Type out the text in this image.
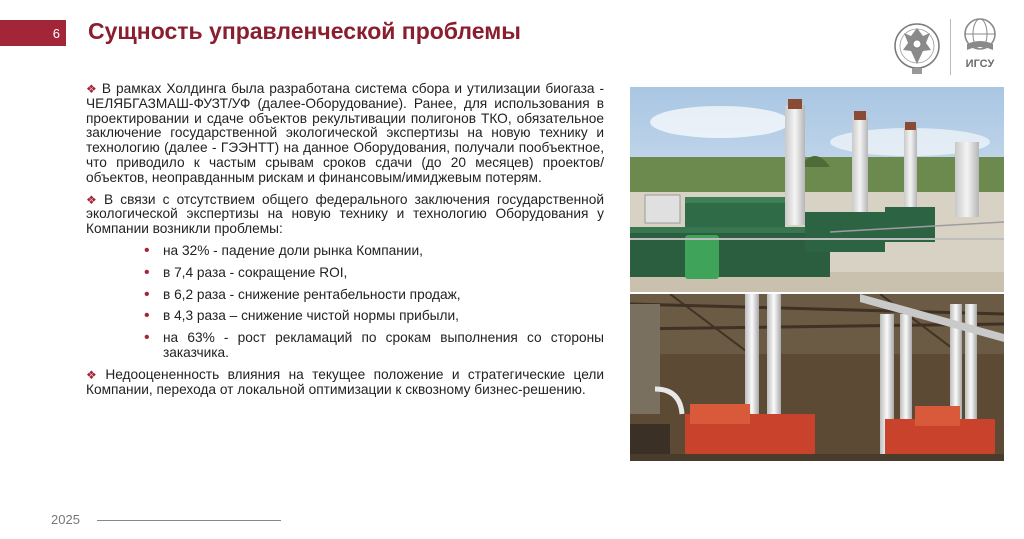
6 Сущность управленческой проблемы
ИГСУ

❖ В рамках Холдинга была разработана система сбора и утилизации биогаза - ЧЕЛЯБГАЗМАШ-ФУЗТ/УФ (далее-Оборудование). Ранее, для использования в проектировании и сдаче объектов рекультивации полигонов ТКО, обязательное заключение государственной экологической экспертизы на новую технику и технологию (далее - ГЭЭНТТ) на данное Оборудования, получали пообъектное, что приводило к частым срывам сроков сдачи (до 20 месяцев) проектов/объектов, неоправданным рискам и финансовым/имиджевым потерям.

❖ В связи с отсутствием общего федерального заключения государственной экологической экспертизы на новую технику и технологию Оборудования у Компании возникли проблемы:

• на 32% - падение доли рынка Компании,
• в 7,4 раза - сокращение ROI,
• в 6,2 раза - снижение рентабельности продаж,
• в 4,3 раза – снижение чистой нормы прибыли,
• на 63% - рост рекламаций по срокам выполнения со стороны заказчика.

❖ Недооцененность влияния на текущее положение и стратегические цели Компании, перехода от локальной оптимизации к сквозному бизнес-решению.

2025
